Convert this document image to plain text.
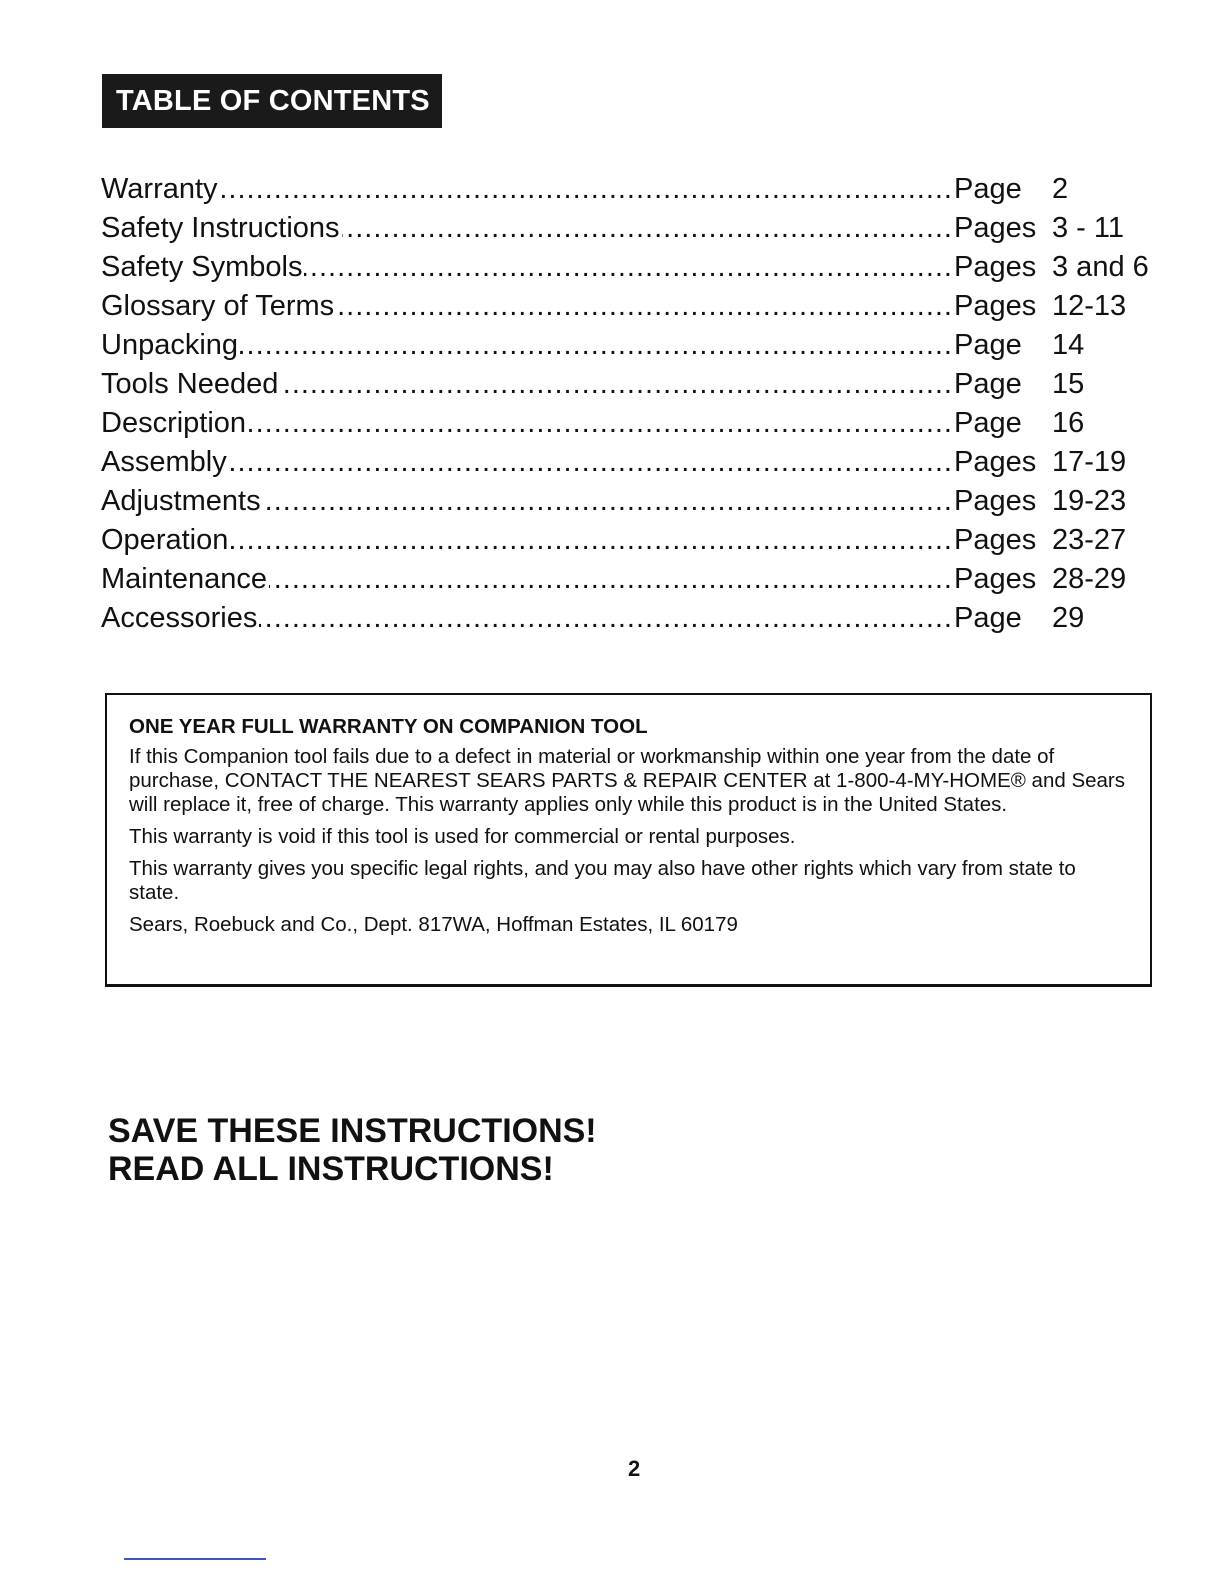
TABLE OF CONTENTS
Warranty .....	Page 2
Safety Instructions .....	Pages 3 - 11
Safety Symbols .....	Pages 3 and 6
Glossary of Terms .....	Pages 12-13
Unpacking .....	Page 14
Tools Needed .....	Page 15
Description .....	Page 16
Assembly .....	Pages 17-19
Adjustments .....	Pages 19-23
Operation .....	Pages 23-27
Maintenance .....	Pages 28-29
Accessories .....	Page 29
ONE YEAR FULL WARRANTY ON COMPANION TOOL

If this Companion tool fails due to a defect in material or workmanship within one year from the date of purchase, CONTACT THE NEAREST SEARS PARTS & REPAIR CENTER at 1-800-4-MY-HOME® and Sears will replace it, free of charge. This warranty applies only while this product is in the United States.

This warranty is void if this tool is used for commercial or rental purposes.

This warranty gives you specific legal rights, and you may also have other rights which vary from state to state.

Sears, Roebuck and Co., Dept. 817WA, Hoffman Estates, IL 60179

SAVE THESE INSTRUCTIONS!
READ ALL INSTRUCTIONS!
2
